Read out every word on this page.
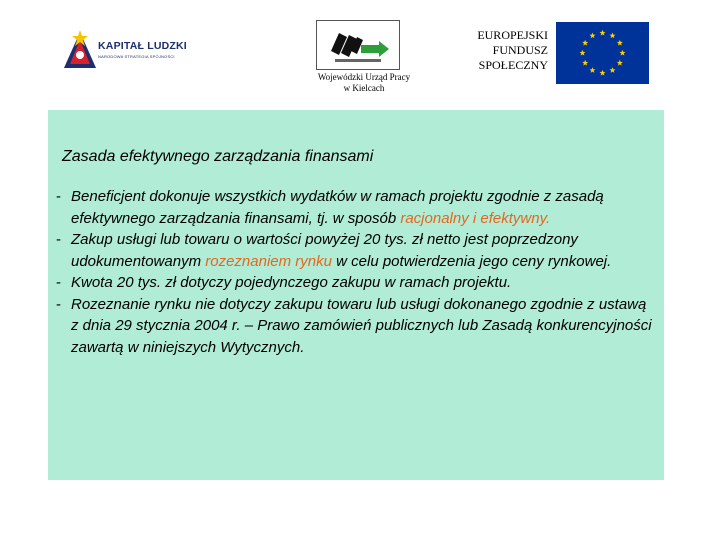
KAPITAŁ LUDZKI
NARODOWA STRATEGIA SPÓJNOŚCI
Wojewódzki Urząd Pracy
w Kielcach
EUROPEJSKI
FUNDUSZ
SPOŁECZNY
Zasada efektywnego zarządzania finansami
- Beneficjent dokonuje wszystkich wydatków w ramach projektu zgodnie z zasadą efektywnego zarządzania finansami, tj. w sposób racjonalny i efektywny.
- Zakup usługi lub towaru o wartości powyżej 20 tys. zł netto jest poprzedzony udokumentowanym rozeznaniem rynku w celu potwierdzenia jego ceny rynkowej.
- Kwota 20 tys. zł dotyczy pojedynczego zakupu w ramach projektu.
- Rozeznanie rynku nie dotyczy zakupu towaru lub usługi dokonanego zgodnie z ustawą z dnia 29 stycznia 2004 r. – Prawo zamówień publicznych lub Zasadą konkurencyjności zawartą w niniejszych Wytycznych.
